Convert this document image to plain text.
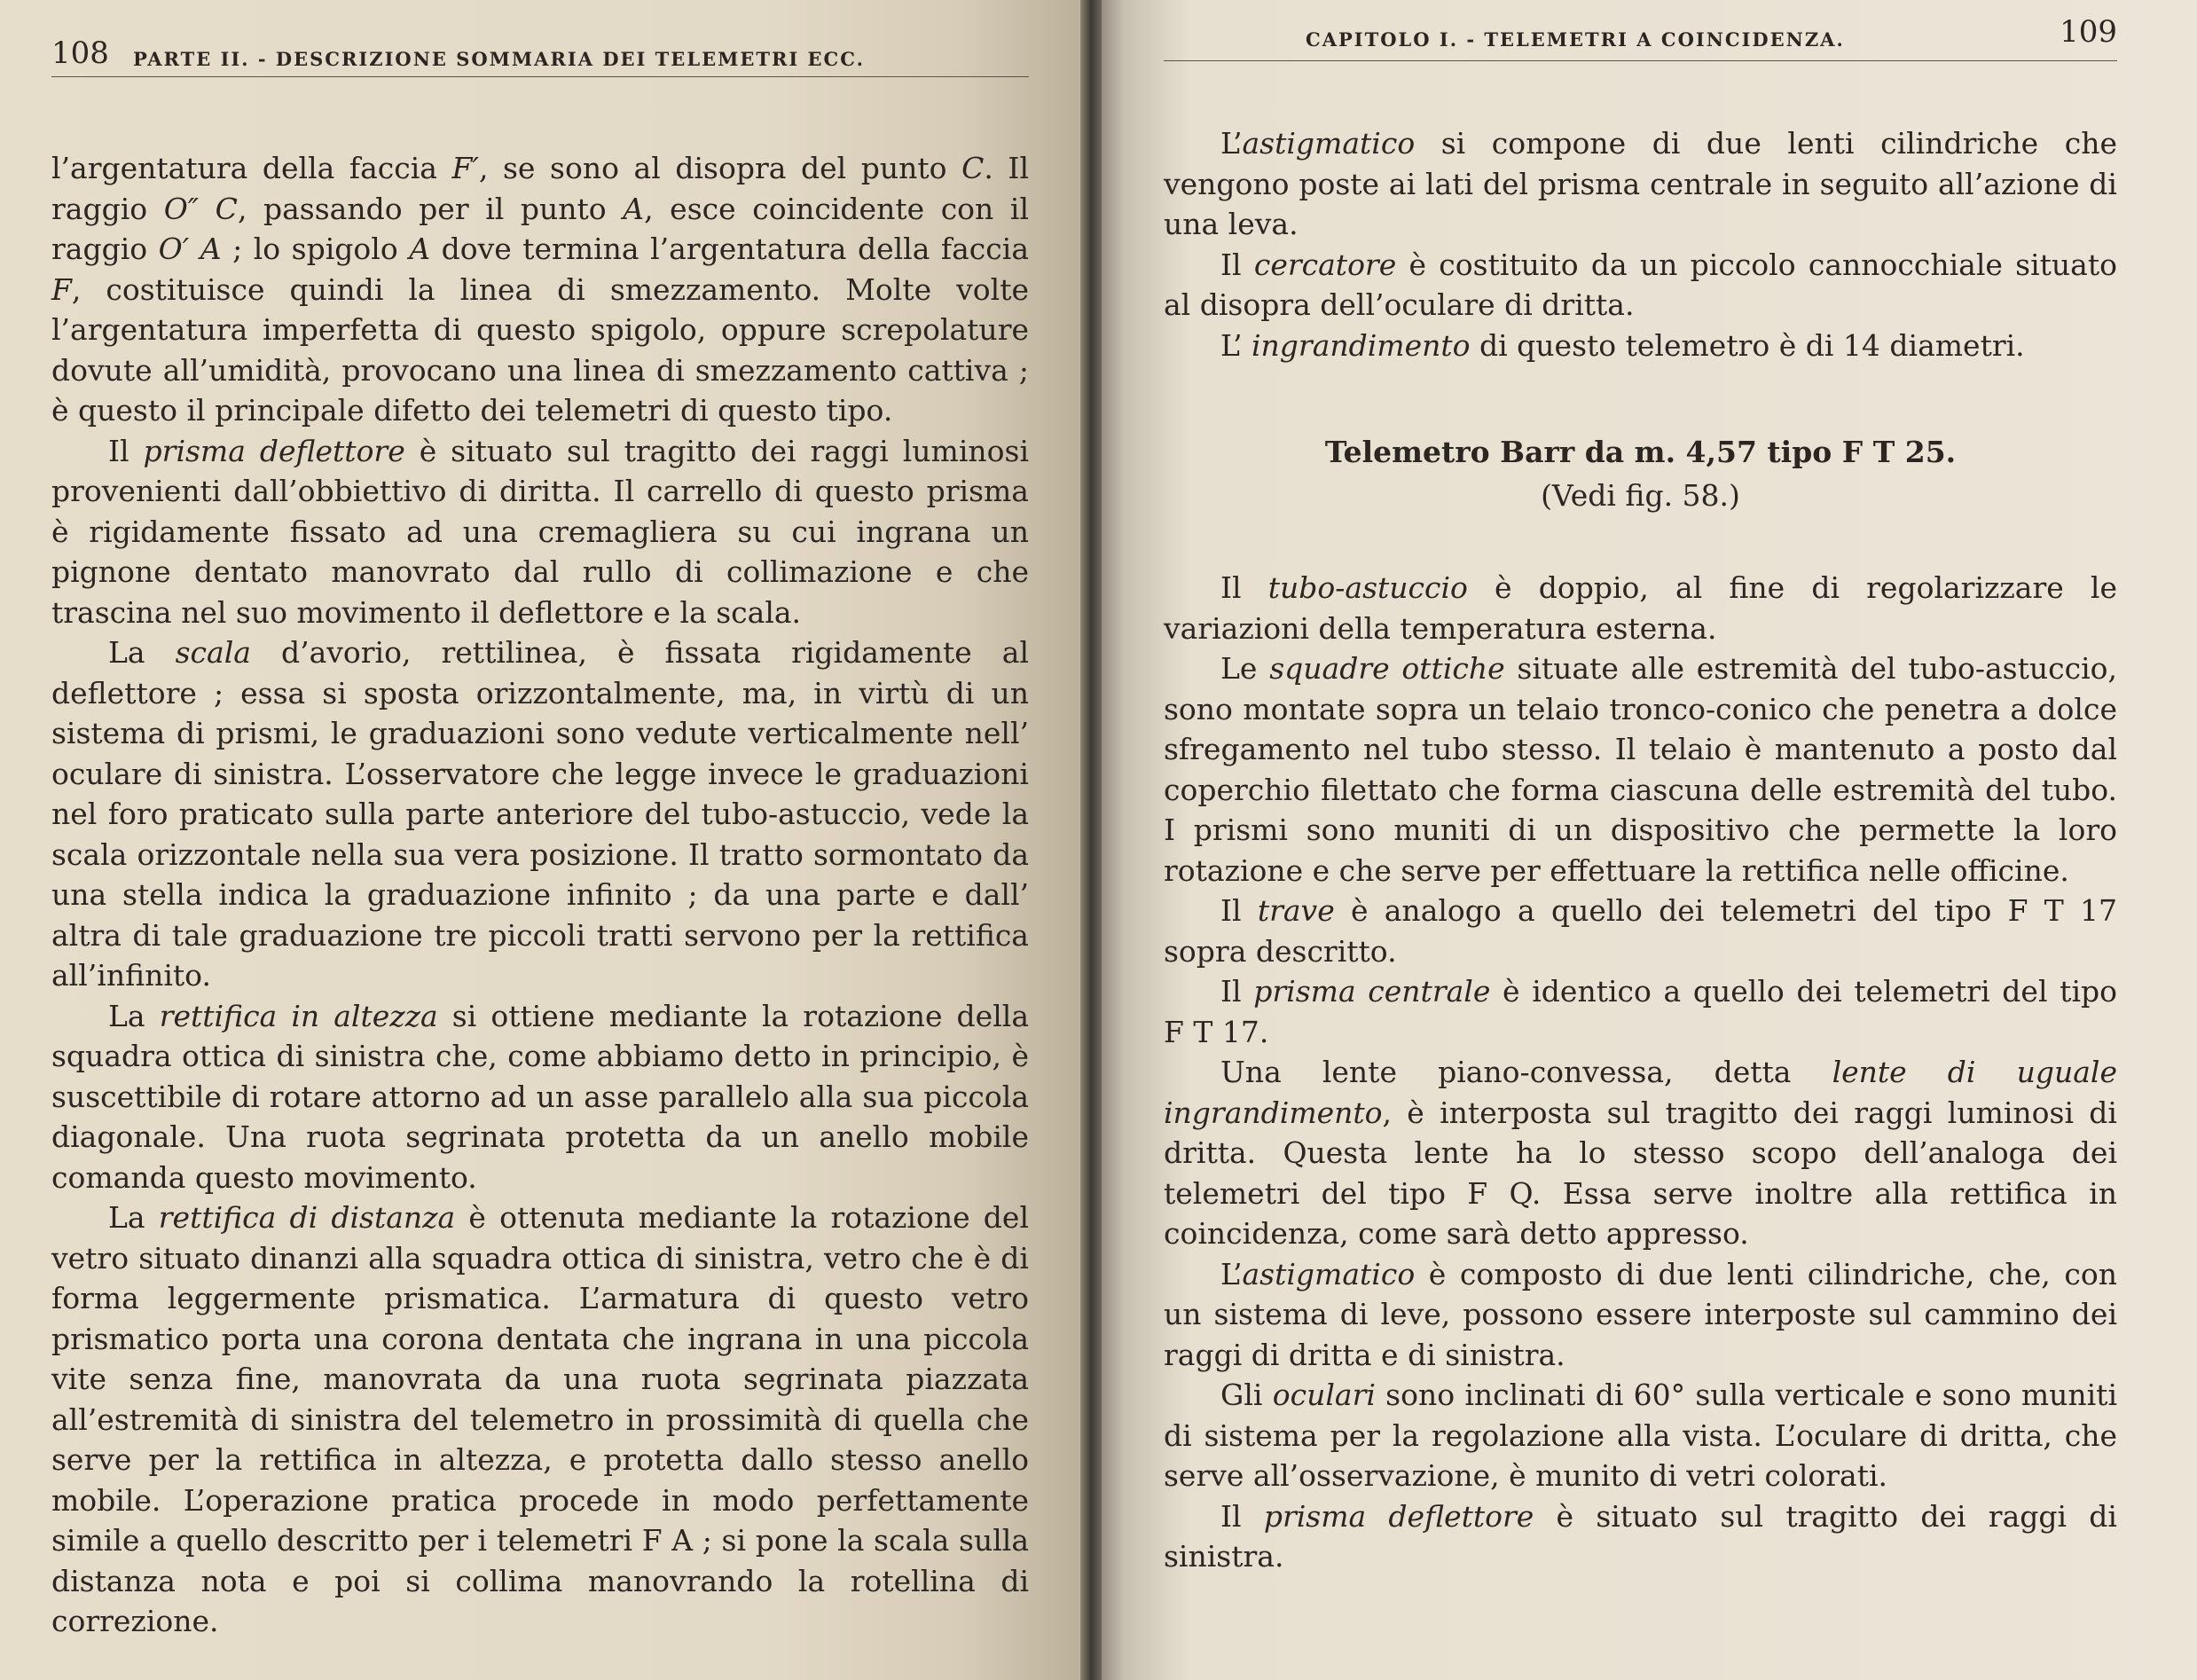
108 PARTE II. - DESCRIZIONE SOMMARIA DEI TELEMETRI ECC.

l’argentatura della faccia F′, se sono al disopra del punto C. Il raggio O″ C, passando per il punto A, esce coincidente con il raggio O′ A ; lo spigolo A dove termina l’argentatura della faccia F, costituisce quindi la linea di smezzamento. Molte volte l’argentatura imperfetta di questo spigolo, oppure screpolature dovute all’umidità, provocano una linea di smezzamento cattiva ; è questo il principale difetto dei telemetri di questo tipo.

Il prisma deflettore è situato sul tragitto dei raggi luminosi provenienti dall’obbiettivo di diritta. Il carrello di questo prisma è rigidamente fissato ad una cremagliera su cui ingrana un pignone dentato manovrato dal rullo di collimazione e che trascina nel suo movimento il deflettore e la scala.

La scala d’avorio, rettilinea, è fissata rigidamente al deflettore ; essa si sposta orizzontalmente, ma, in virtù di un sistema di prismi, le graduazioni sono vedute verticalmente nell’ oculare di sinistra. L’osservatore che legge invece le graduazioni nel foro praticato sulla parte anteriore del tubo-astuccio, vede la scala orizzontale nella sua vera posizione. Il tratto sormontato da una stella indica la graduazione infinito ; da una parte e dall’ altra di tale graduazione tre piccoli tratti servono per la rettifica all’infinito.

La rettifica in altezza si ottiene mediante la rotazione della squadra ottica di sinistra che, come abbiamo detto in principio, è suscettibile di rotare attorno ad un asse parallelo alla sua piccola diagonale. Una ruota segrinata protetta da un anello mobile comanda questo movimento.

La rettifica di distanza è ottenuta mediante la rotazione del vetro situato dinanzi alla squadra ottica di sinistra, vetro che è di forma leggermente prismatica. L’armatura di questo vetro prismatico porta una corona dentata che ingrana in una piccola vite senza fine, manovrata da una ruota segrinata piazzata all’estremità di sinistra del telemetro in prossimità di quella che serve per la rettifica in altezza, e protetta dallo stesso anello mobile. L’operazione pratica procede in modo perfettamente simile a quello descritto per i telemetri F A ; si pone la scala sulla distanza nota e poi si collima manovrando la rotellina di correzione.

CAPITOLO I. - TELEMETRI A COINCIDENZA.	109

L’astigmatico si compone di due lenti cilindriche che vengono poste ai lati del prisma centrale in seguito all’azione di una leva.

Il cercatore è costituito da un piccolo cannocchiale situato al disopra dell’oculare di dritta.

L’ ingrandimento di questo telemetro è di 14 diametri.

Telemetro Barr da m. 4,57 tipo F T 25.
(Vedi fig. 58.)

Il tubo-astuccio è doppio, al fine di regolarizzare le variazioni della temperatura esterna.

Le squadre ottiche situate alle estremità del tubo-astuccio, sono montate sopra un telaio tronco-conico che penetra a dolce sfregamento nel tubo stesso. Il telaio è mantenuto a posto dal coperchio filettato che forma ciascuna delle estremità del tubo. I prismi sono muniti di un dispositivo che permette la loro rotazione e che serve per effettuare la rettifica nelle officine.

Il trave è analogo a quello dei telemetri del tipo F T 17 sopra descritto.

Il prisma centrale è identico a quello dei telemetri del tipo F T 17.

Una lente piano-convessa, detta lente di uguale ingrandimento, è interposta sul tragitto dei raggi luminosi di dritta. Questa lente ha lo stesso scopo dell’analoga dei telemetri del tipo F Q. Essa serve inoltre alla rettifica in coincidenza, come sarà detto appresso.

L’astigmatico è composto di due lenti cilindriche, che, con un sistema di leve, possono essere interposte sul cammino dei raggi di dritta e di sinistra.

Gli oculari sono inclinati di 60° sulla verticale e sono muniti di sistema per la regolazione alla vista. L’oculare di dritta, che serve all’osservazione, è munito di vetri colorati.

Il prisma deflettore è situato sul tragitto dei raggi di sinistra.
